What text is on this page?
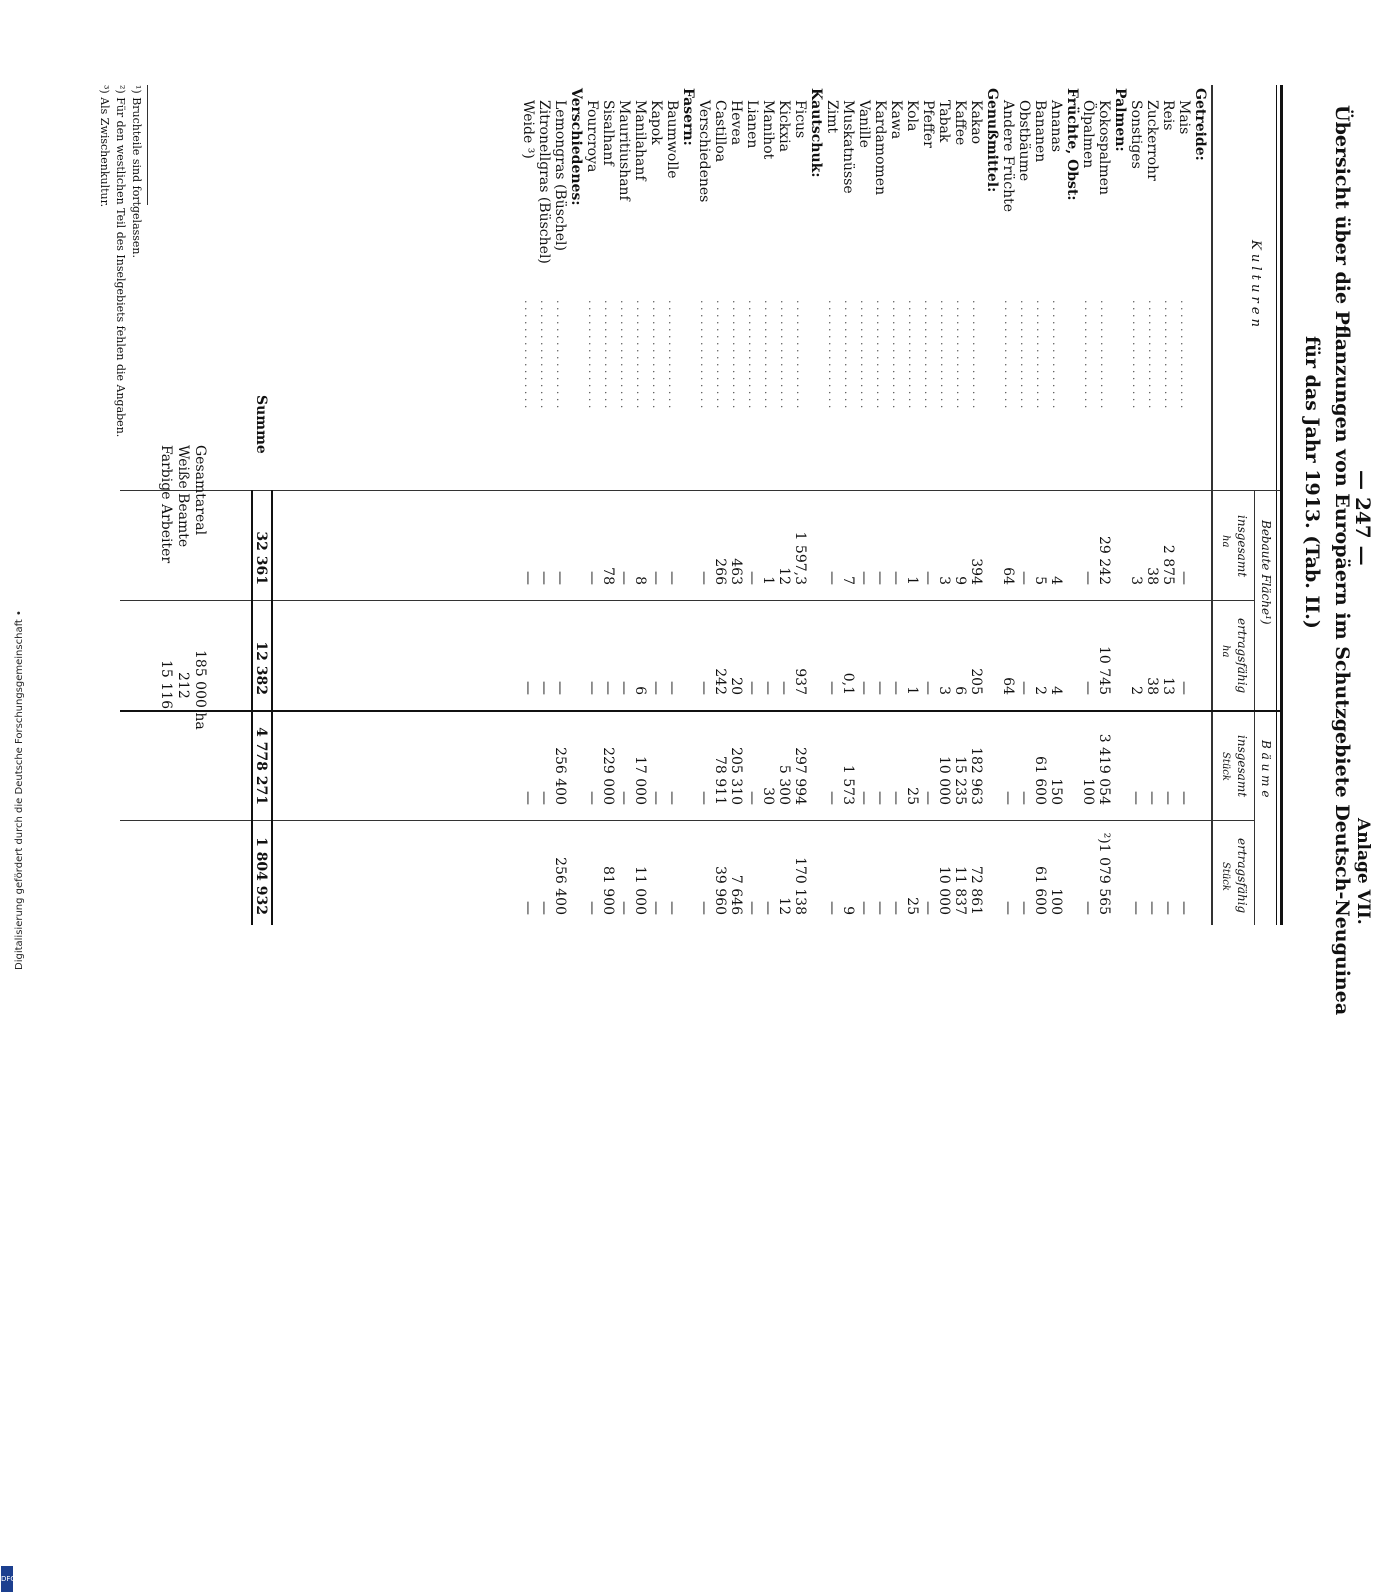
— 247 —
Anlage VII.
Übersicht über die Pflanzungen von Europäern im Schutzgebiete Deutsch-Neuguinea
für das Jahr 1913. (Tab. II.)
K u l t u r e n
Bebaute Fläche¹)
B ä u m e
insgesamt
ertragsfähig
insgesamt
ertragsfähig
ha
ha
Stück
Stück
Getreide:
Mais
. . . . . . . . . . . . . . . .
—
—
—
—
Reis
. . . . . . . . . . . . . . . .
2 875
13
—
—
Zuckerrohr
. . . . . . . . . . . . . . . .
38
38
—
—
Sonstiges
. . . . . . . . . . . . . . . .
3
2
—
—
Palmen:
Kokospalmen
. . . . . . . . . . . . . . . .
29 242
10 745
3 419 054
²)1 079 565
Ölpalmen
. . . . . . . . . . . . . . . .
—
—
100
—
Früchte, Obst:
Ananas
. . . . . . . . . . . . . . . .
4
4
150
100
Bananen
. . . . . . . . . . . . . . . .
5
2
61 600
61 600
Obstbäume
. . . . . . . . . . . . . . . .
—
—
—
—
Andere Früchte
. . . . . . . . . . . . . . . .
64
64
—
—
Genußmittel:
Kakao
. . . . . . . . . . . . . . . .
394
205
182 963
72 861
Kaffee
. . . . . . . . . . . . . . . .
9
6
15 235
11 837
Tabak
. . . . . . . . . . . . . . . .
3
3
10 000
10 000
Pfeffer
. . . . . . . . . . . . . . . .
—
—
—
—
Kola
. . . . . . . . . . . . . . . .
1
1
25
25
Kawa
. . . . . . . . . . . . . . . .
—
—
—
—
Kardamomen
. . . . . . . . . . . . . . . .
—
—
—
—
Vanille
. . . . . . . . . . . . . . . .
—
—
—
—
Muskatnüsse
. . . . . . . . . . . . . . . .
7
0,1
1 573
9
Zimt
. . . . . . . . . . . . . . . .
—
—
—
—
Kautschuk:
Ficus
. . . . . . . . . . . . . . . .
1 597,3
937
297 994
170 138
Kickxia
. . . . . . . . . . . . . . . .
12
—
5 300
12
Manihot
. . . . . . . . . . . . . . . .
1
—
30
—
Lianen
. . . . . . . . . . . . . . . .
—
—
—
—
Hevea
. . . . . . . . . . . . . . . .
463
20
205 310
7 646
Castilloa
. . . . . . . . . . . . . . . .
266
242
78 911
39 960
Verschiedenes
. . . . . . . . . . . . . . . .
—
—
—
—
Fasern:
Baumwolle
. . . . . . . . . . . . . . . .
—
—
—
—
Kapok
. . . . . . . . . . . . . . . .
—
—
—
—
Manilahanf
. . . . . . . . . . . . . . . .
8
6
17 000
11 000
Mauritiushanf
. . . . . . . . . . . . . . . .
—
—
—
—
Sisalhanf
. . . . . . . . . . . . . . . .
78
—
229 000
81 900
Fourcroya
. . . . . . . . . . . . . . . .
—
—
—
—
Verschiedenes:
Lemongras (Büschel)
. . . . . . . . . . . . . . . .
—
—
256 400
256 400
Zitronellgras (Büschel)
. . . . . . . . . . . . . . . .
—
—
—
—
Weide ³)
. . . . . . . . . . . . . . . .
—
—
—
—
Summe
32 361
12 382
4 778 271
1 804 932
Gesamtareal
185 000 ha
Weiße Beamte
212
Farbige Arbeiter
15 116
¹) Bruchteile sind fortgelassen.
²) Für den westlichen Teil des Inselgebiets fehlen die Angaben.
³) Als Zwischenkultur.
Digitalisierung gefördert durch die Deutsche Forschungsgemeinschaft •
DFG
